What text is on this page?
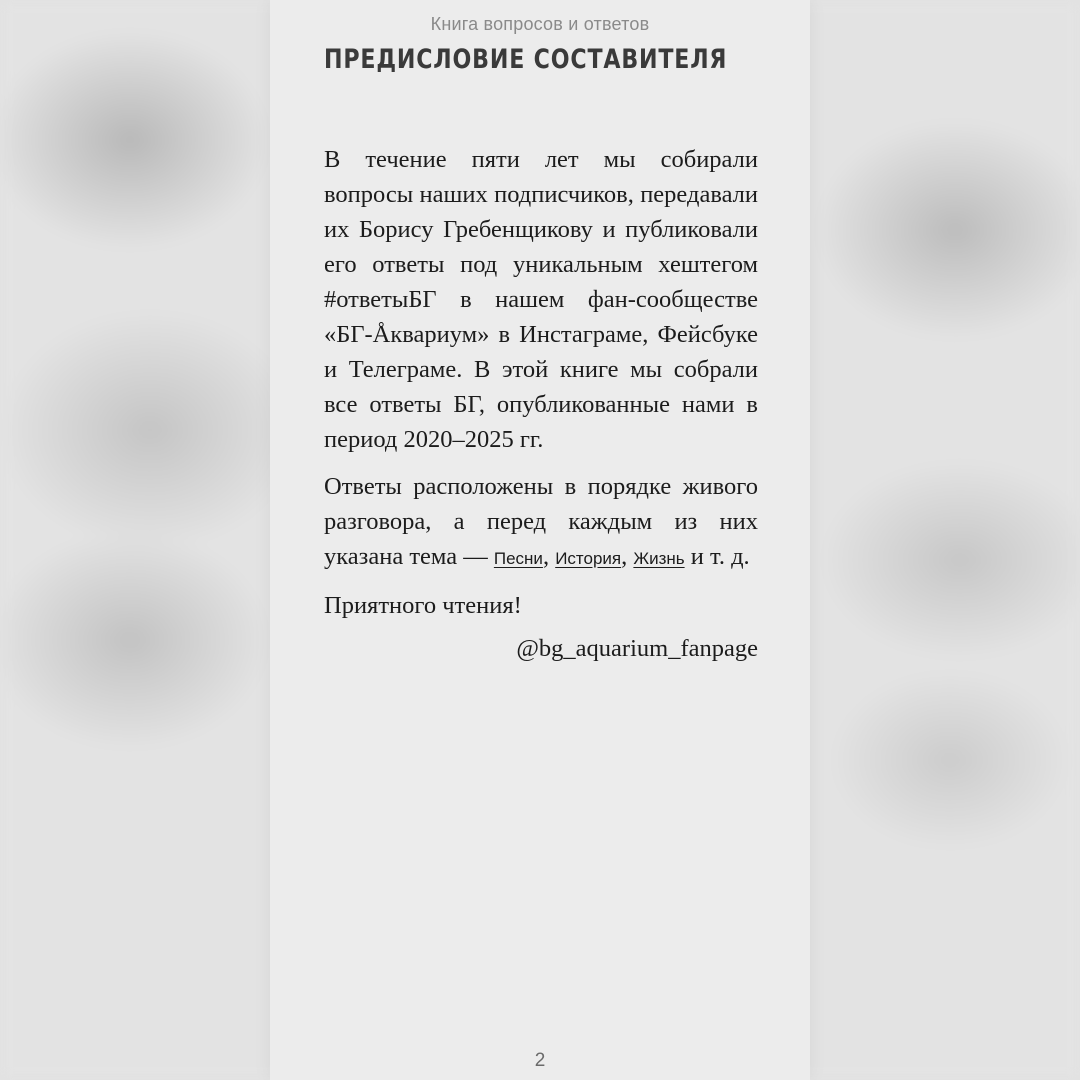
Книга вопросов и ответов
ПРЕДИСЛОВИЕ СОСТАВИТЕЛЯ

В течение пяти лет мы собирали вопросы наших подписчиков, передавали их Борису Гребенщикову и публиковали его ответы под уникальным хештегом #ответыБГ в нашем фан-сообществе «БГ-Åквариум» в Инстаграме, Фейсбуке и Телеграме. В этой книге мы собрали все ответы БГ, опубликованные нами в период 2020–2025 гг.

Ответы расположены в порядке живого разговора, а перед каждым из них указана тема — Песни, История, Жизнь и т. д.

Приятного чтения!

@bg_aquarium_fanpage

2
